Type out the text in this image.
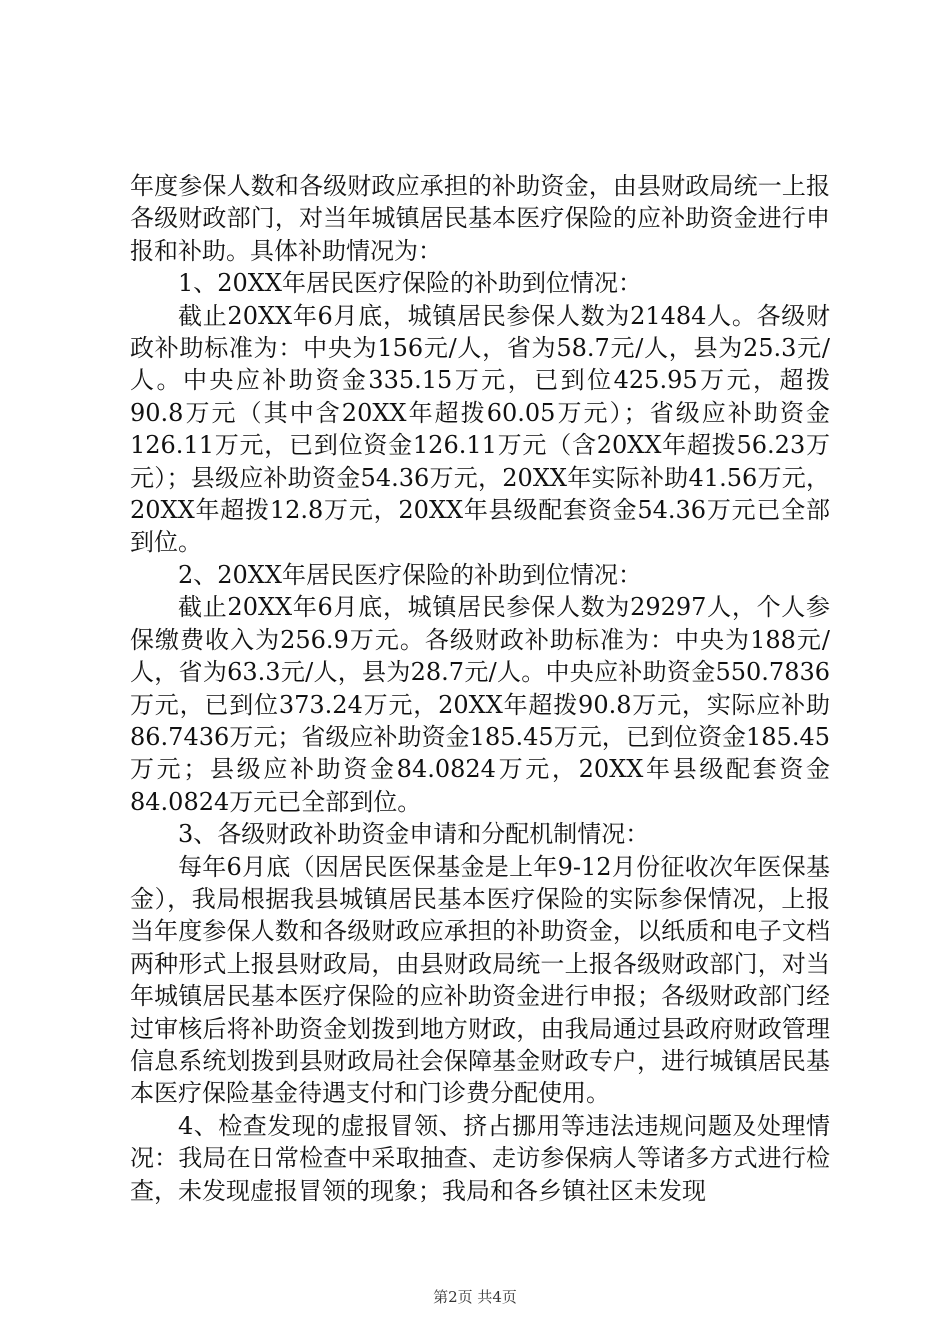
年度参保人数和各级财政应承担的补助资金，由县财政局统一上报各级财政部门，对当年城镇居民基本医疗保险的应补助资金进行申报和补助。具体补助情况为：

1、20XX年居民医疗保险的补助到位情况：

截止20XX年6月底，城镇居民参保人数为21484人。各级财政补助标准为：中央为156元/人，省为58.7元/人，县为25.3元/人。中央应补助资金335.15万元，已到位425.95万元，超拨90.8万元（其中含20XX年超拨60.05万元）；省级应补助资金126.11万元，已到位资金126.11万元（含20XX年超拨56.23万元）；县级应补助资金54.36万元，20XX年实际补助41.56万元，20XX年超拨12.8万元，20XX年县级配套资金54.36万元已全部到位。

2、20XX年居民医疗保险的补助到位情况：

截止20XX年6月底，城镇居民参保人数为29297人，个人参保缴费收入为256.9万元。各级财政补助标准为：中央为188元/人，省为63.3元/人，县为28.7元/人。中央应补助资金550.7836万元，已到位373.24万元，20XX年超拨90.8万元，实际应补助86.7436万元；省级应补助资金185.45万元，已到位资金185.45万元；县级应补助资金84.0824万元，20XX年县级配套资金84.0824万元已全部到位。

3、各级财政补助资金申请和分配机制情况：

每年6月底（因居民医保基金是上年9-12月份征收次年医保基金），我局根据我县城镇居民基本医疗保险的实际参保情况，上报当年度参保人数和各级财政应承担的补助资金，以纸质和电子文档两种形式上报县财政局，由县财政局统一上报各级财政部门，对当年城镇居民基本医疗保险的应补助资金进行申报；各级财政部门经过审核后将补助资金划拨到地方财政，由我局通过县政府财政管理信息系统划拨到县财政局社会保障基金财政专户，进行城镇居民基本医疗保险基金待遇支付和门诊费分配使用。

4、检查发现的虚报冒领、挤占挪用等违法违规问题及处理情况：我局在日常检查中采取抽查、走访参保病人等诸多方式进行检查，未发现虚报冒领的现象；我局和各乡镇社区未发现

第2页 共4页
